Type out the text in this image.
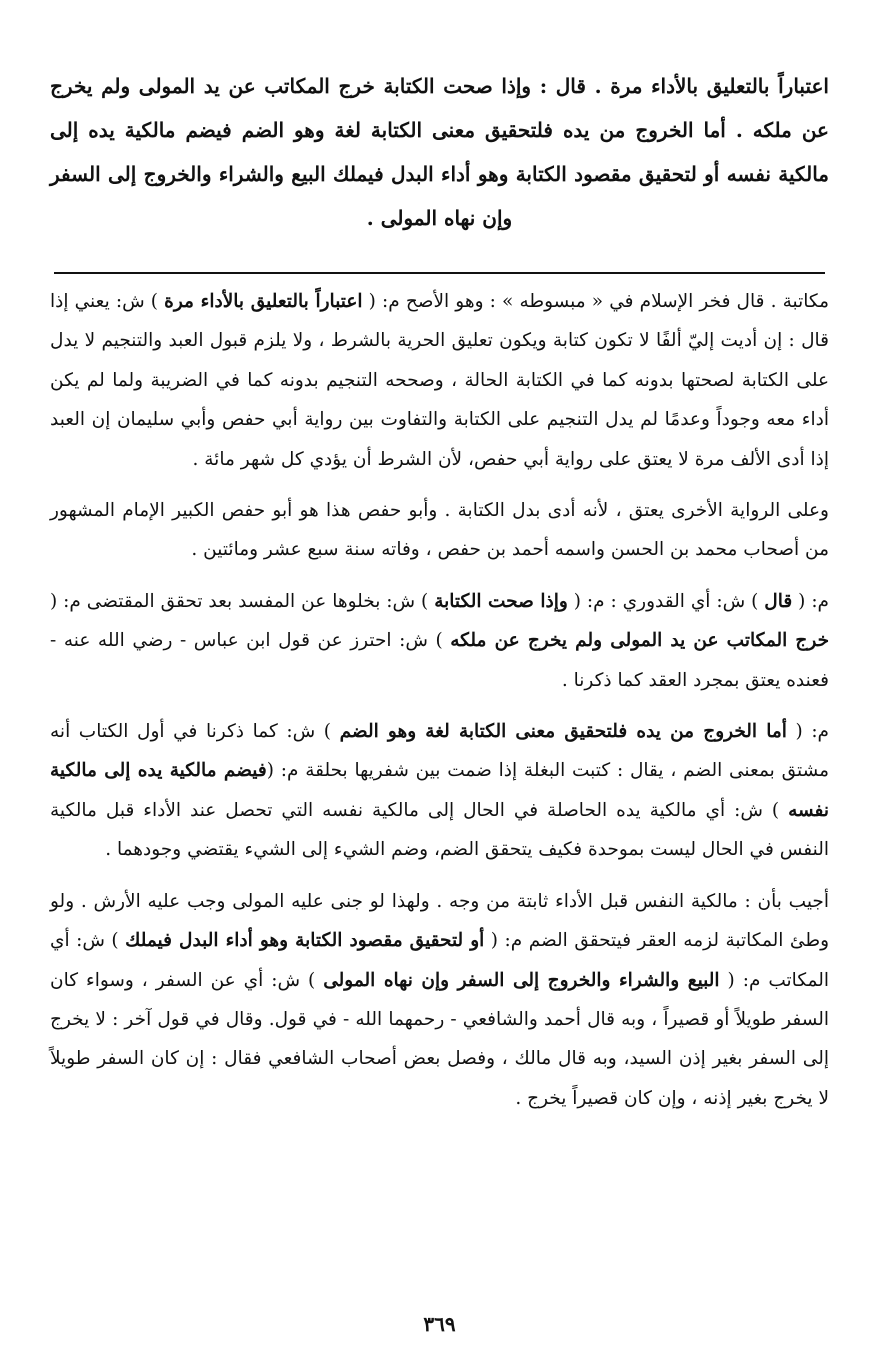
اعتباراً بالتعليق بالأداء مرة . قال : وإذا صحت الكتابة خرج المكاتب عن يد المولى ولم يخرج عن ملكه . أما الخروج من يده فلتحقيق معنى الكتابة لغة وهو الضم فيضم مالكية يده إلى مالكية نفسه أو لتحقيق مقصود الكتابة وهو أداء البدل فيملك البيع والشراء والخروج إلى السفر وإن نهاه المولى .

مكاتبة . قال فخر الإسلام في « مبسوطه » : وهو الأصح م: ( اعتباراً بالتعليق بالأداء مرة ) ش: يعني إذا قال : إن أديت إليّ ألفًا لا تكون كتابة ويكون تعليق الحرية بالشرط ، ولا يلزم قبول العبد والتنجيم لا يدل على الكتابة لصحتها بدونه كما في الكتابة الحالة ، وصححه التنجيم بدونه كما في الضريبة ولما لم يكن أداء معه وجوداً وعدمًا لم يدل التنجيم على الكتابة والتفاوت بين رواية أبي حفص وأبي سليمان إن العبد إذا أدى الألف مرة لا يعتق على رواية أبي حفص، لأن الشرط أن يؤدي كل شهر مائة .

وعلى الرواية الأخرى يعتق ، لأنه أدى بدل الكتابة . وأبو حفص هذا هو أبو حفص الكبير الإمام المشهور من أصحاب محمد بن الحسن واسمه أحمد بن حفص ، وفاته سنة سبع عشر ومائتين .

م: ( قال ) ش: أي القدوري : م: ( وإذا صحت الكتابة ) ش: بخلوها عن المفسد بعد تحقق المقتضى م: ( خرج المكاتب عن يد المولى ولم يخرج عن ملكه ) ش: احترز عن قول ابن عباس - رضي الله عنه - فعنده يعتق بمجرد العقد كما ذكرنا .

م: ( أما الخروج من يده فلتحقيق معنى الكتابة لغة وهو الضم ) ش: كما ذكرنا في أول الكتاب أنه مشتق بمعنى الضم ، يقال : كتبت البغلة إذا ضمت بين شفريها بحلقة م: (فيضم مالكية يده إلى مالكية نفسه ) ش: أي مالكية يده الحاصلة في الحال إلى مالكية نفسه التي تحصل عند الأداء قبل مالكية النفس في الحال ليست بموحدة فكيف يتحقق الضم، وضم الشيء إلى الشيء يقتضي وجودهما .

أجيب بأن : مالكية النفس قبل الأداء ثابتة من وجه . ولهذا لو جنى عليه المولى وجب عليه الأرش . ولو وطئ المكاتبة لزمه العقر فيتحقق الضم م: ( أو لتحقيق مقصود الكتابة وهو أداء البدل فيملك ) ش: أي المكاتب م: ( البيع والشراء والخروج إلى السفر وإن نهاه المولى ) ش: أي عن السفر ، وسواء كان السفر طويلاً أو قصيراً ، وبه قال أحمد والشافعي - رحمهما الله - في قول. وقال في قول آخر : لا يخرج إلى السفر بغير إذن السيد، وبه قال مالك ، وفصل بعض أصحاب الشافعي فقال : إن كان السفر طويلاً لا يخرج بغير إذنه ، وإن كان قصيراً يخرج .

٣٦٩
